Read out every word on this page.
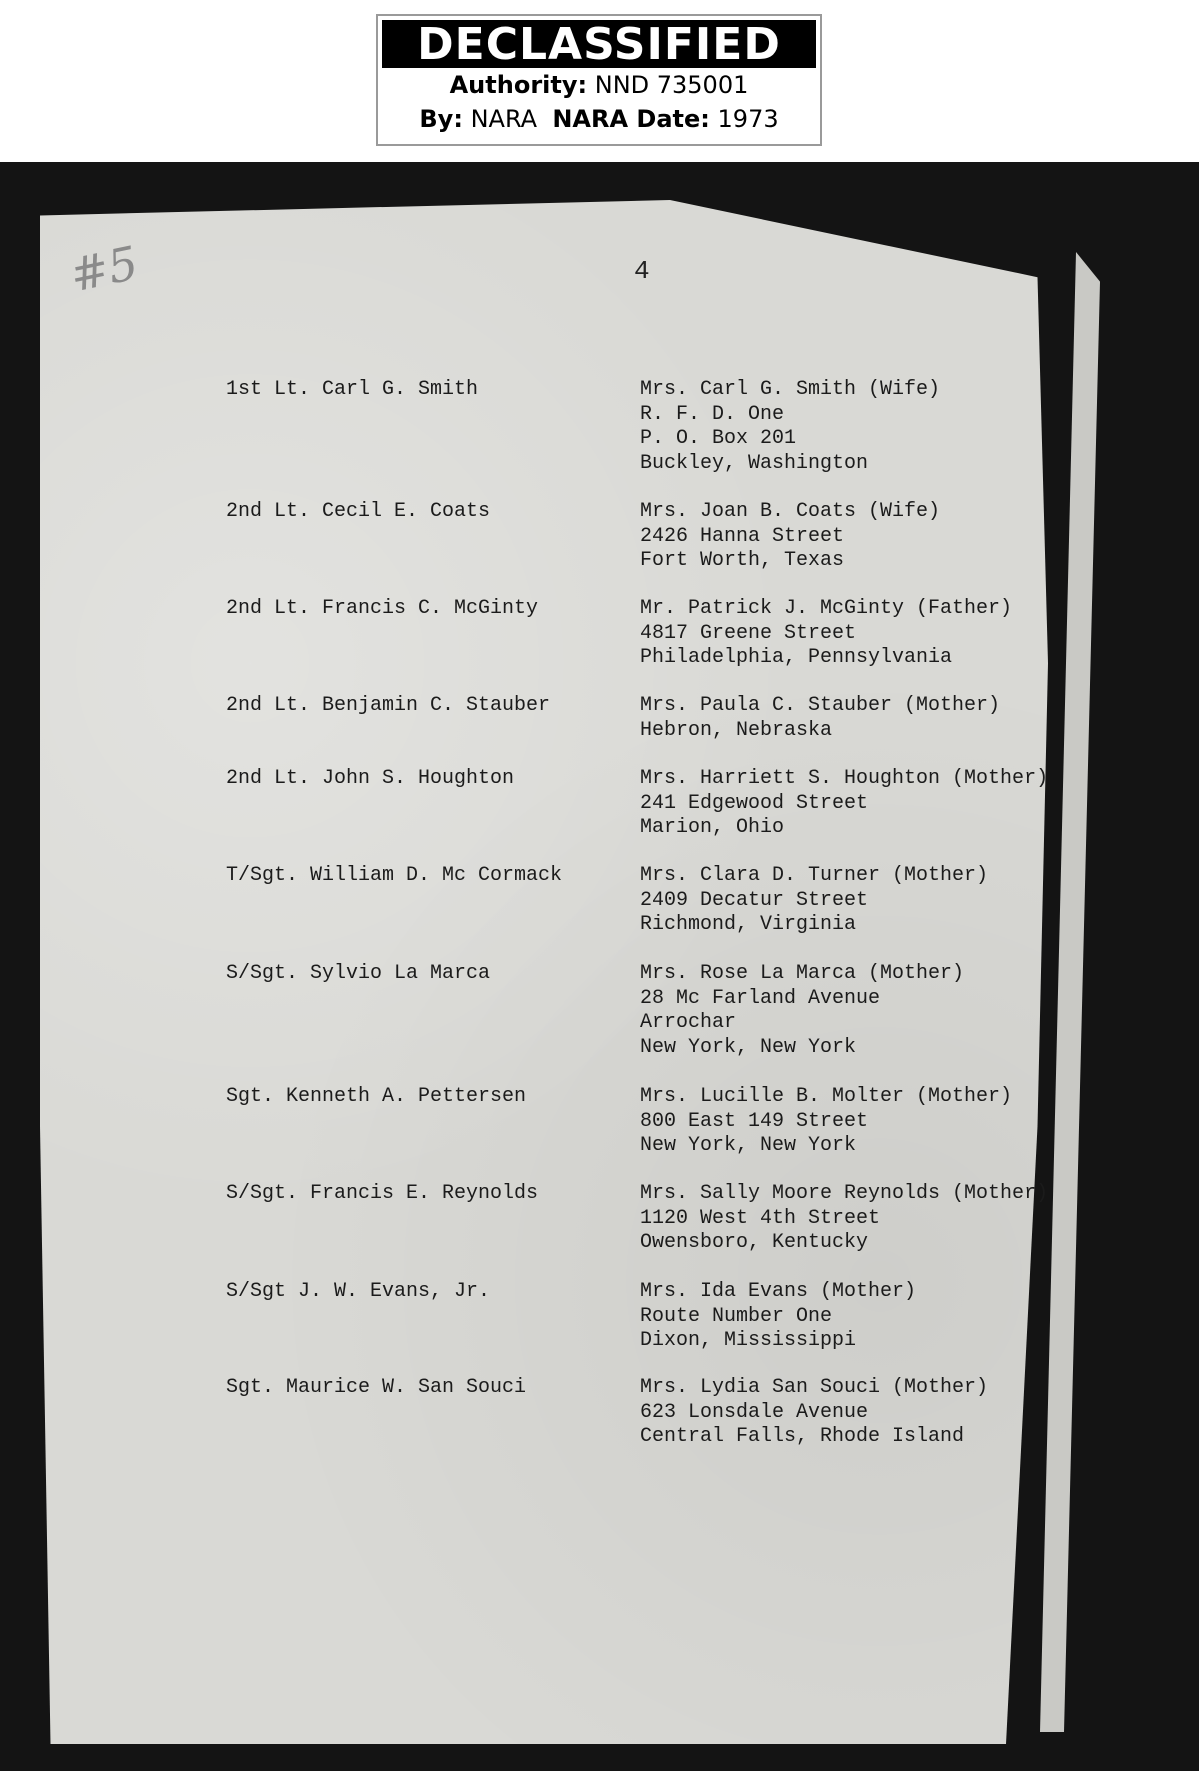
DECLASSIFIED
Authority: NND 735001
By: NARA NARA Date: 1973
#5	4
1st Lt. Carl G. Smith	Mrs. Carl G. Smith (Wife)
R. F. D. One
P. O. Box 201
Buckley, Washington
2nd Lt. Cecil E. Coats	Mrs. Joan B. Coats (Wife)
2426 Hanna Street
Fort Worth, Texas
2nd Lt. Francis C. McGinty	Mr. Patrick J. McGinty (Father)
4817 Greene Street
Philadelphia, Pennsylvania
2nd Lt. Benjamin C. Stauber	Mrs. Paula C. Stauber (Mother)
Hebron, Nebraska
2nd Lt. John S. Houghton	Mrs. Harriett S. Houghton (Mother)
241 Edgewood Street
Marion, Ohio
T/Sgt. William D. Mc Cormack	Mrs. Clara D. Turner (Mother)
2409 Decatur Street
Richmond, Virginia
S/Sgt. Sylvio La Marca	Mrs. Rose La Marca (Mother)
28 Mc Farland Avenue
Arrochar
New York, New York
Sgt. Kenneth A. Pettersen	Mrs. Lucille B. Molter (Mother)
800 East 149 Street
New York, New York
S/Sgt. Francis E. Reynolds	Mrs. Sally Moore Reynolds (Mother)
1120 West 4th Street
Owensboro, Kentucky
S/Sgt J. W. Evans, Jr.	Mrs. Ida Evans (Mother)
Route Number One
Dixon, Mississippi
Sgt. Maurice W. San Souci	Mrs. Lydia San Souci (Mother)
623 Lonsdale Avenue
Central Falls, Rhode Island
